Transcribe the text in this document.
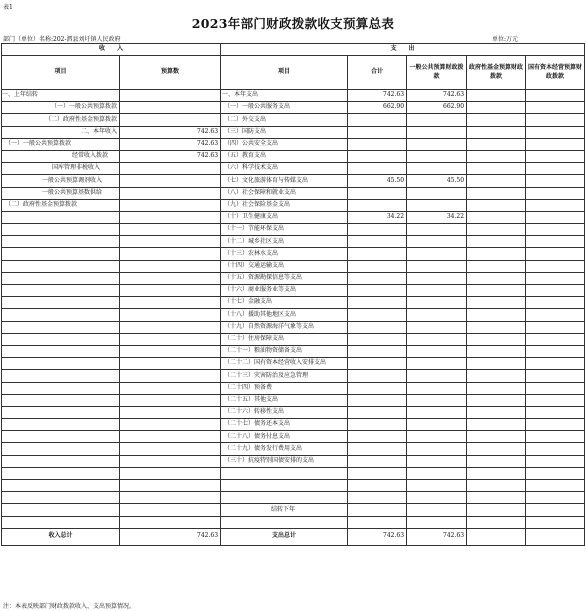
表1
2023年部门财政拨款收支预算总表
部门（单位）名称:202-泗县刘圩镇人民政府	单位:万元
收　　入		支　　出				
项目	预算数	项目	合计	一般公共预算财政拨款	政府性基金预算财政拨款	国有资本经营预算财政拨款
一、上年结转		一、本年支出	742.63	742.63		
（一）一般公共预算拨款		（一）一般公共服务支出	662.90	662.90		
（二）政府性基金预算拨款		（二）外交支出				
二、本年收入	742.63	（三）国防支出				
（一）一般公共预算拨款	742.63	（四）公共安全支出				
经常收入拨款	742.63	（五）教育支出				
国库管理非税收入		（六）科学技术支出				
一般公共预算调剂收入		（七）文化旅游体育与传媒支出	45.50	45.50		
一般公共预算基数供给		（八）社会保障和就业支出				
（二）政府性基金预算拨款		（九）社会保险基金支出				
		（十）卫生健康支出	34.22	34.22		
		（十一）节能环保支出				
		（十二）城乡社区支出				
		（十三）农林水支出				
		（十四）交通运输支出				
		（十五）资源勘探信息等支出				
		（十六）商业服务业等支出				
		（十七）金融支出				
		（十八）援助其他地区支出				
		（十九）自然资源海洋气象等支出				
		（二十）住房保障支出				
		（二十一）粮油物资储备支出				
		（二十二）国有资本经营收入安排支出				
		（二十三）灾害防治及应急管理				
		（二十四）预备费				
		（二十五）其他支出				
		（二十六）转移性支出				
		（二十七）债务还本支出				
		（二十八）债务付息支出				
		（二十九）债务发行费用支出				
		（三十）抗疫特别国债安排的支出				

		结转下年				

收入总计	742.63	支出总计	742.63	742.63		
注：本表反映部门财政拨款收入、支出预算情况。
